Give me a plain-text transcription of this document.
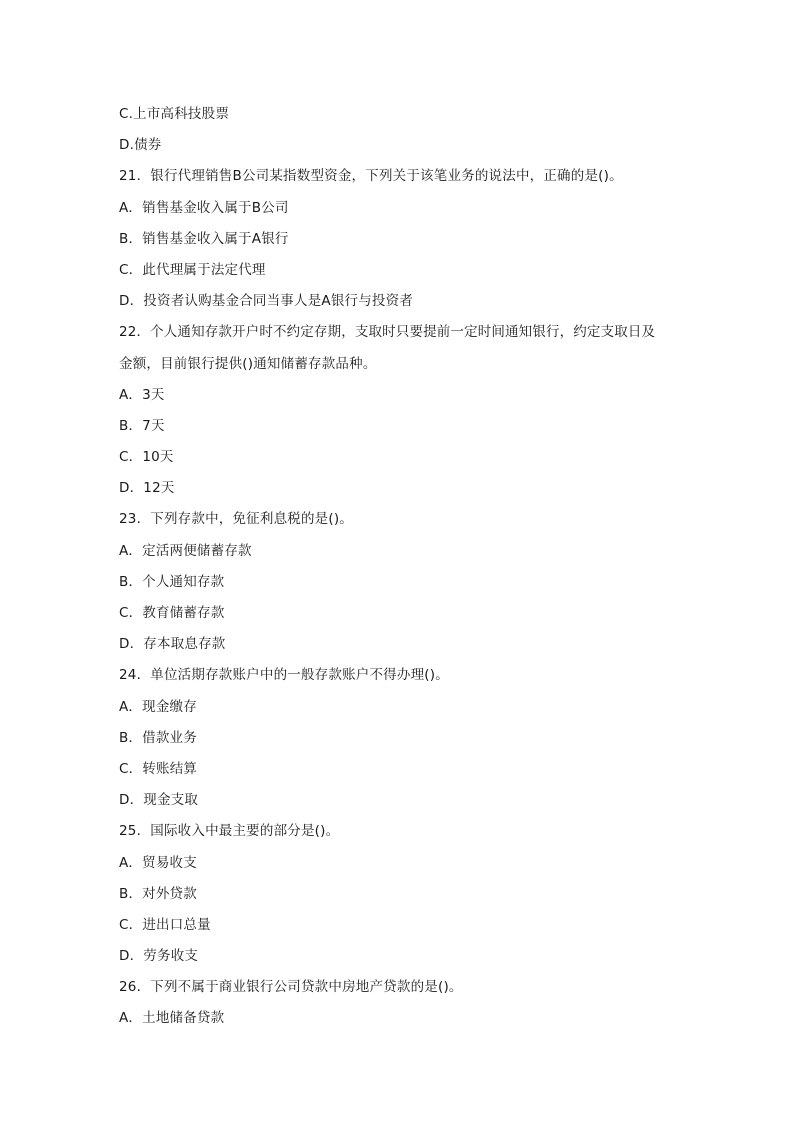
C.上市高科技股票
D.债券
21．银行代理销售B公司某指数型资金，下列关于该笔业务的说法中，正确的是()。
A．销售基金收入属于B公司
B．销售基金收入属于A银行
C．此代理属于法定代理
D．投资者认购基金合同当事人是A银行与投资者
22．个人通知存款开户时不约定存期，支取时只要提前一定时间通知银行，约定支取日及
金额，目前银行提供()通知储蓄存款品种。
A．3天
B．7天
C．10天
D．12天
23．下列存款中，免征利息税的是()。
A．定活两便储蓄存款
B．个人通知存款
C．教育储蓄存款
D．存本取息存款
24．单位活期存款账户中的一般存款账户不得办理()。
A．现金缴存
B．借款业务
C．转账结算
D．现金支取
25．国际收入中最主要的部分是()。
A．贸易收支
B．对外贷款
C．进出口总量
D．劳务收支
26．下列不属于商业银行公司贷款中房地产贷款的是()。
A．土地储备贷款
